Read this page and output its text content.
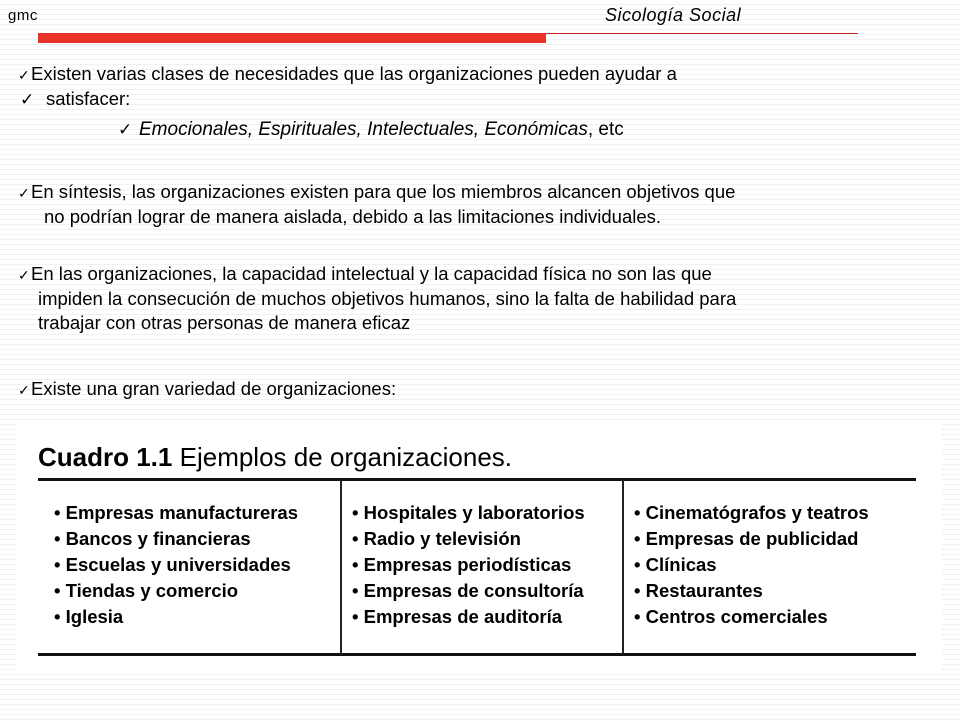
gmc	Sicología Social
✓Existen varias clases de necesidades que las organizaciones pueden ayudar a
✓ satisfacer:
✓ Emocionales, Espirituales, Intelectuales, Económicas, etc
✓En síntesis, las organizaciones existen para que los miembros alcancen objetivos que
no podrían lograr de manera aislada, debido a las limitaciones individuales.
✓En las organizaciones, la capacidad intelectual y la capacidad física no son las que
impiden la consecución de muchos objetivos humanos, sino la falta de habilidad para
trabajar con otras personas de manera eficaz
✓Existe una gran variedad de organizaciones:
Cuadro 1.1 Ejemplos de organizaciones.
• Empresas manufactureras
• Bancos y financieras
• Escuelas y universidades
• Tiendas y comercio
• Iglesia
• Hospitales y laboratorios
• Radio y televisión
• Empresas periodísticas
• Empresas de consultoría
• Empresas de auditoría
• Cinematógrafos y teatros
• Empresas de publicidad
• Clínicas
• Restaurantes
• Centros comerciales
